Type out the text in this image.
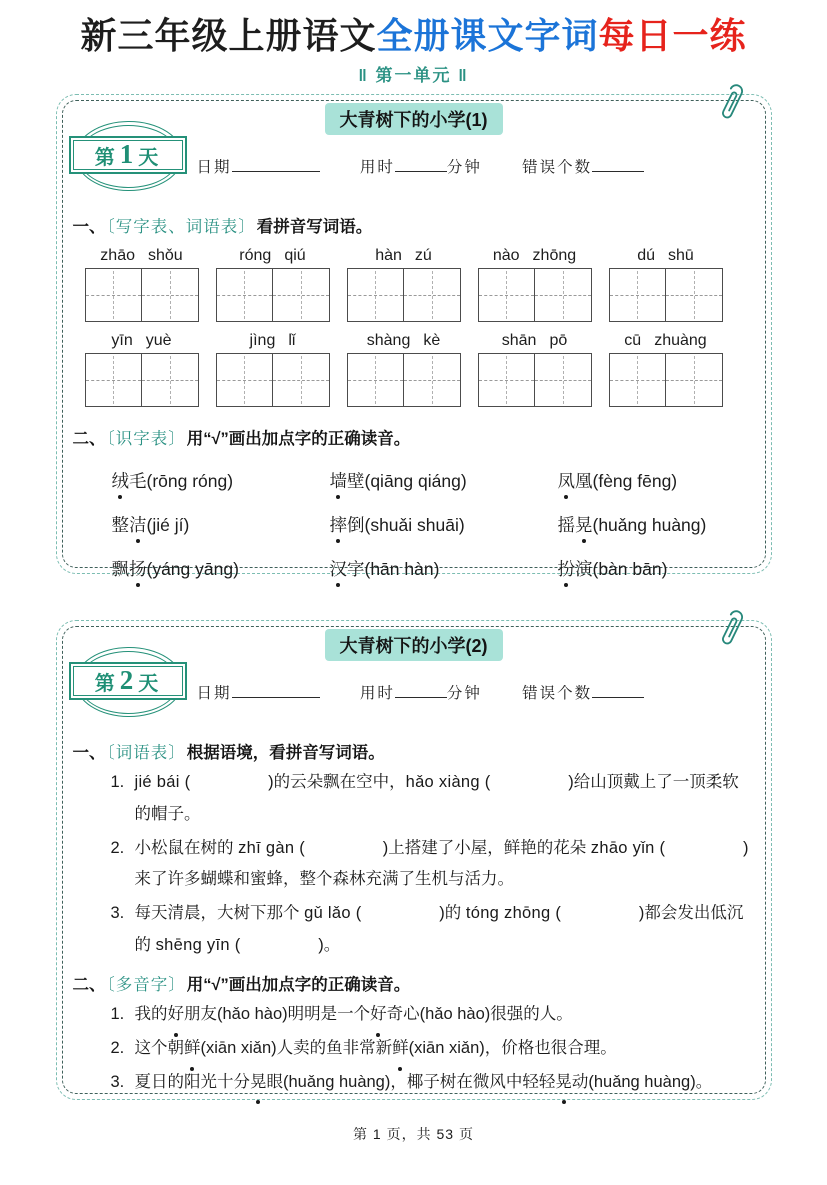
新三年级上册语文全册课文字词每日一练
‖ 第一单元 ‖
第 1 天
大青树下的小学(1)
日期	用时	分钟	错误个数
一、〔写字表、词语表〕看拼音写词语。
zhāo shǒu	róng qiú	hàn zú	nào zhōng	dú shū
yīn yuè	jìng lǐ	shàng kè	shān pō	cū zhuàng
二、〔识字表〕用“√”画出加点字的正确读音。
绒毛(rōng róng)	墙壁(qiāng qiáng)	凤凰(fèng fēng)
整洁(jié jí)	摔倒(shuǎi shuāi)	摇晃(huǎng huàng)
飘扬(yáng yāng)	汉字(hān hàn)	扮演(bàn bān)
第 2 天
大青树下的小学(2)
日期	用时	分钟	错误个数
一、〔词语表〕根据语境，看拼音写词语。
1. jié bái (	)的云朵飘在空中，hǎo xiàng (	)给山顶戴上了一顶柔软的帽子。
2. 小松鼠在树的 zhī gàn (	)上搭建了小屋，鲜艳的花朵 zhāo yǐn (	)来了许多蝴蝶和蜜蜂，整个森林充满了生机与活力。
3. 每天清晨，大树下那个 gǔ lǎo (	)的 tóng zhōng (	)都会发出低沉的 shēng yīn (	)。
二、〔多音字〕用“√”画出加点字的正确读音。
1. 我的好朋友(hǎo hào)明明是一个好奇心(hǎo hào)很强的人。
2. 这个朝鲜(xiān xiǎn)人卖的鱼非常新鲜(xiān xiǎn)，价格也很合理。
3. 夏日的阳光十分晃眼(huǎng huàng)，椰子树在微风中轻轻晃动(huǎng huàng)。
第 1 页，共 53 页
